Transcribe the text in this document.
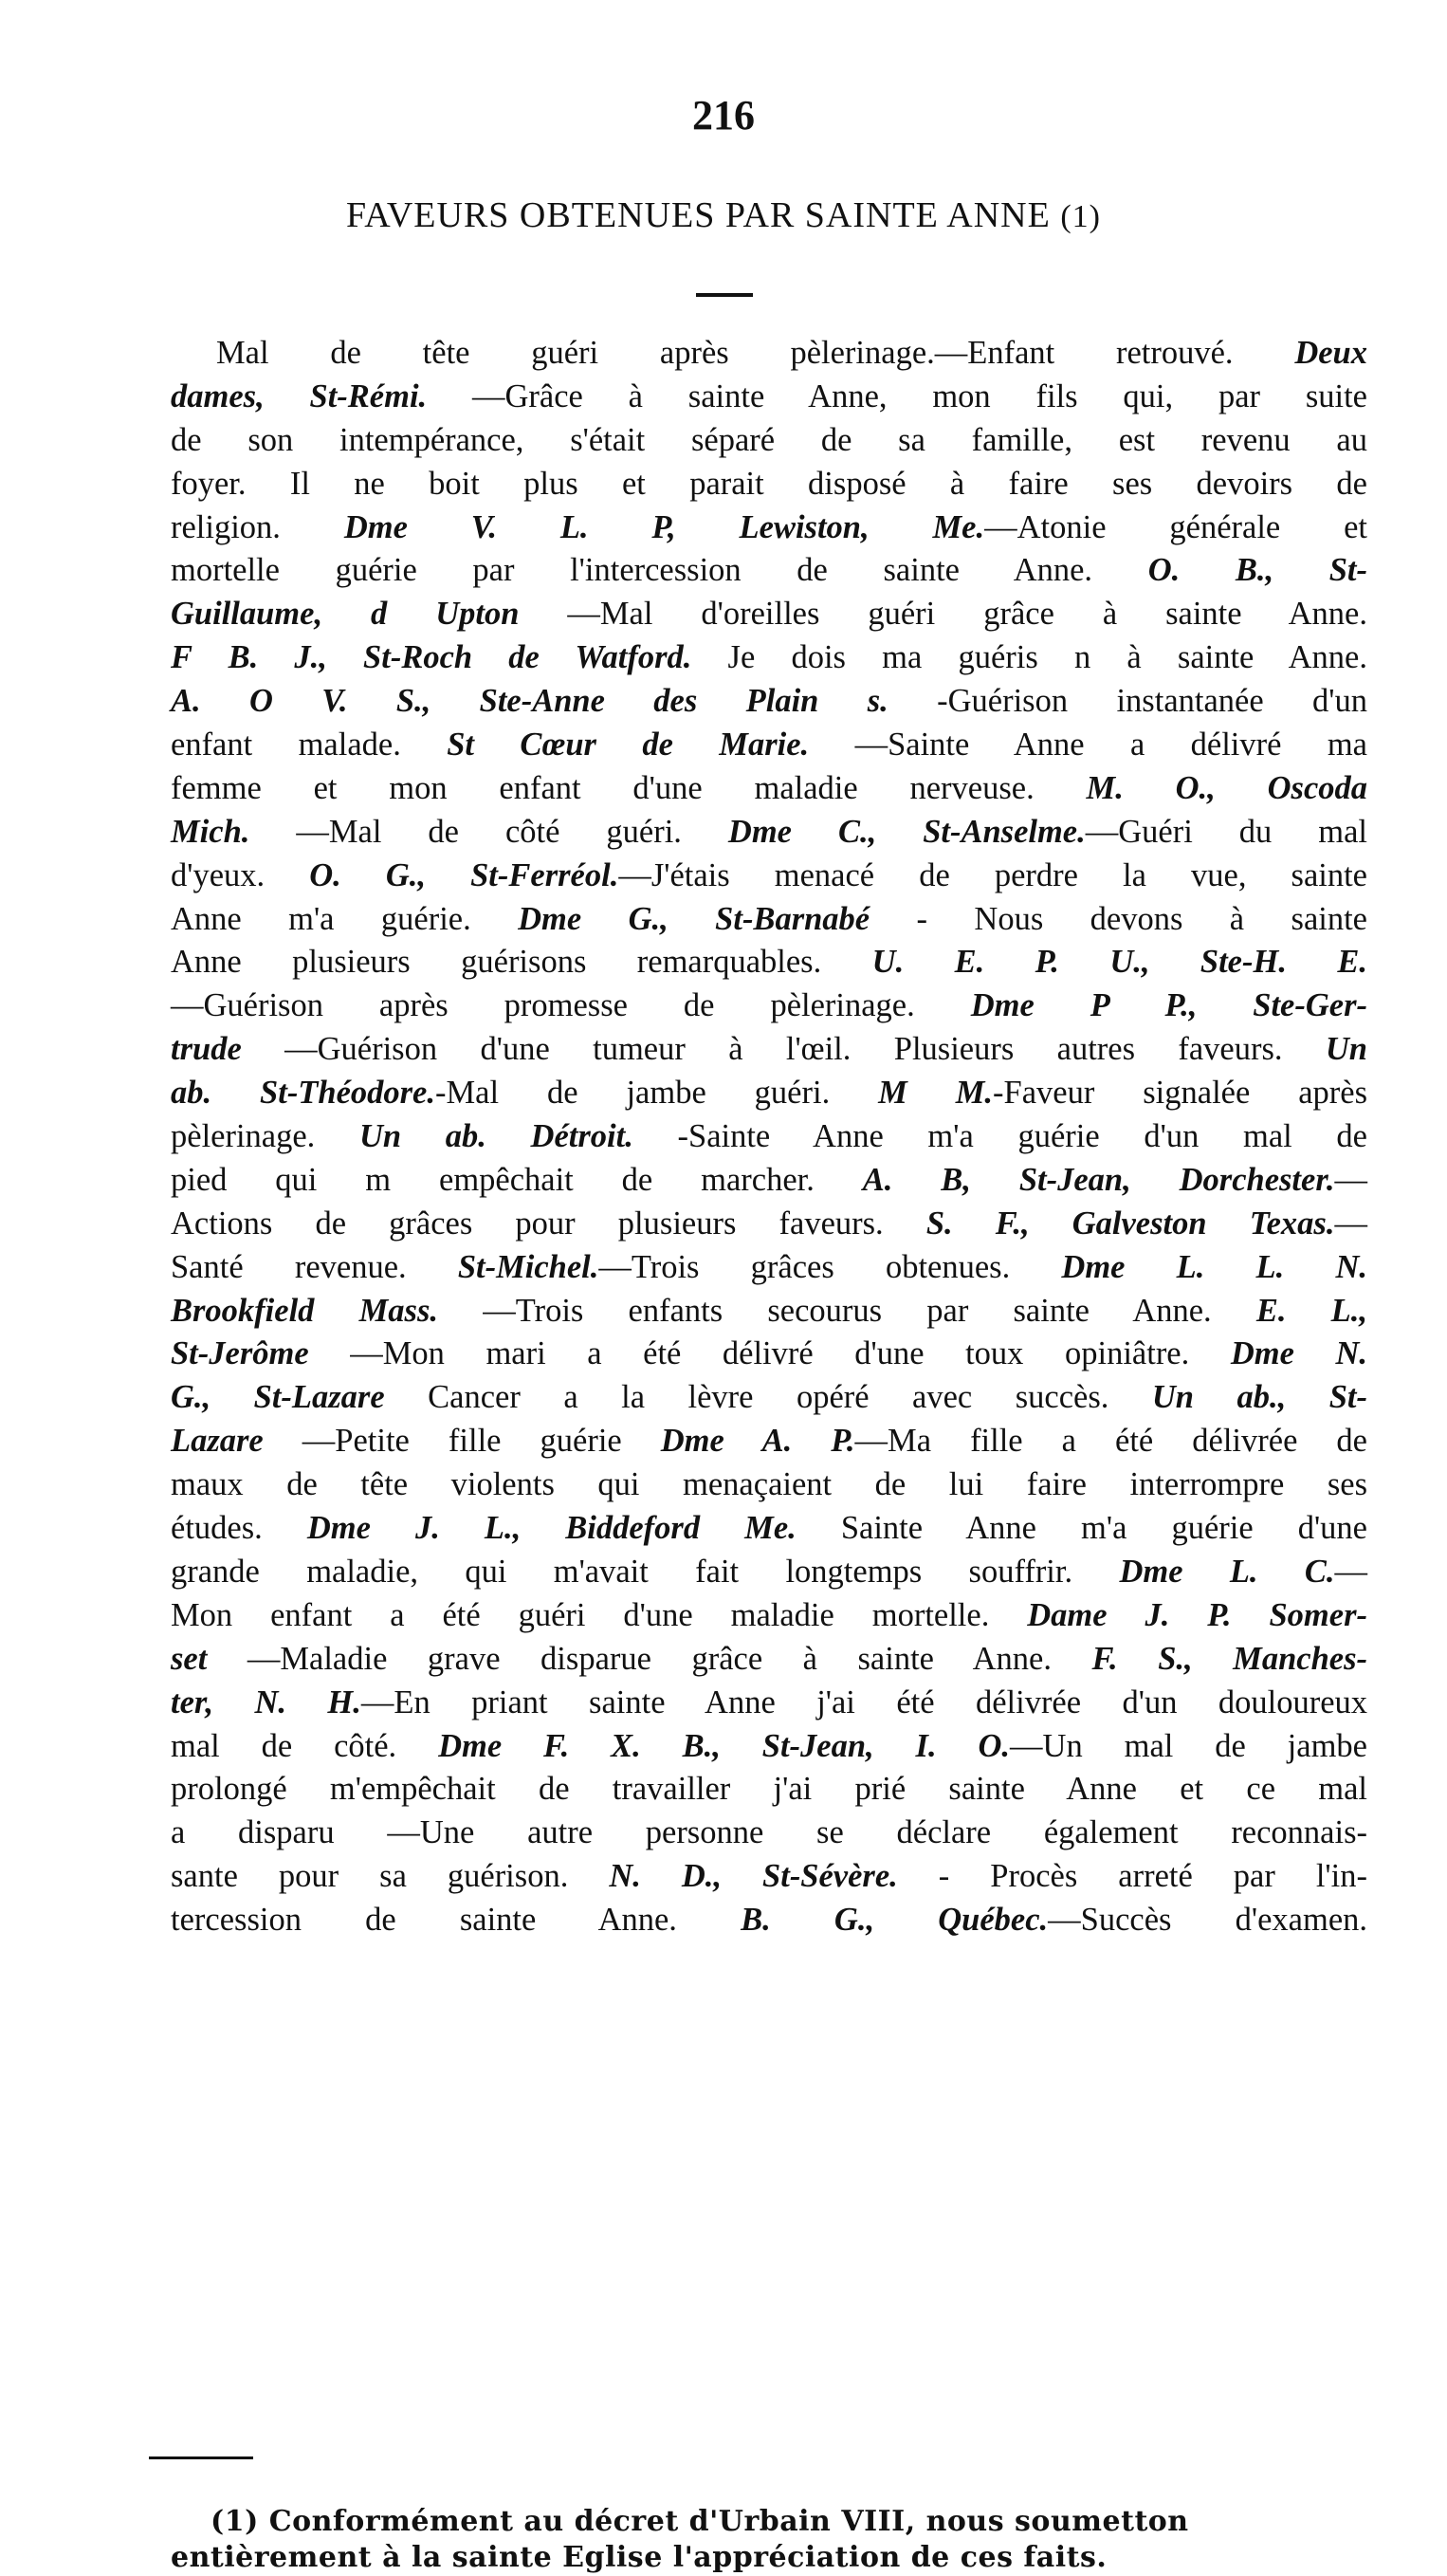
216
FAVEURS OBTENUES PAR SAINTE ANNE (1)
Mal de tête guéri après pèlerinage.—Enfant retrouvé. Deux
dames, St-Rémi. —Grâce à sainte Anne, mon fils qui, par suite
de son intempérance, s'était séparé de sa famille, est revenu au
foyer. Il ne boit plus et parait disposé à faire ses devoirs de
religion. Dme V. L. P, Lewiston, Me.—Atonie générale et
mortelle guérie par l'intercession de sainte Anne. O. B., St-
Guillaume, d Upton —Mal d'oreilles guéri grâce à sainte Anne.
F B. J., St-Roch de Watford. Je dois ma guéris n à sainte Anne.
A. O V. S., Ste-Anne des Plain s. -Guérison instantanée d'un
enfant malade. St Cœur de Marie. —Sainte Anne a délivré ma
femme et mon enfant d'une maladie nerveuse. M. O., Oscoda
Mich. —Mal de côté guéri. Dme C., St-Anselme.—Guéri du mal
d'yeux. O. G., St-Ferréol.—J'étais menacé de perdre la vue, sainte
Anne m'a guérie. Dme G., St-Barnabé - Nous devons à sainte
Anne plusieurs guérisons remarquables. U. E. P. U., Ste-H. E.
—Guérison après promesse de pèlerinage. Dme P P., Ste-Ger-
trude —Guérison d'une tumeur à l'œil. Plusieurs autres faveurs. Un
ab. St-Théodore.-Mal de jambe guéri. M M.-Faveur signalée après
pèlerinage. Un ab. Détroit. -Sainte Anne m'a guérie d'un mal de
pied qui m empêchait de marcher. A. B, St-Jean, Dorchester.—
Actions de grâces pour plusieurs faveurs. S. F., Galveston Texas.—
Santé revenue. St-Michel.—Trois grâces obtenues. Dme L. L. N.
Brookfield Mass. —Trois enfants secourus par sainte Anne. E. L.,
St-Jerôme —Mon mari a été délivré d'une toux opiniâtre. Dme N.
G., St-Lazare Cancer a la lèvre opéré avec succès. Un ab., St-
Lazare —Petite fille guérie Dme A. P.—Ma fille a été délivrée de
maux de tête violents qui menaçaient de lui faire interrompre ses
études. Dme J. L., Biddeford Me. Sainte Anne m'a guérie d'une
grande maladie, qui m'avait fait longtemps souffrir. Dme L. C.—
Mon enfant a été guéri d'une maladie mortelle. Dame J. P. Somer-
set —Maladie grave disparue grâce à sainte Anne. F. S., Manches-
ter, N. H.—En priant sainte Anne j'ai été délivrée d'un douloureux
mal de côté. Dme F. X. B., St-Jean, I. O.—Un mal de jambe
prolongé m'empêchait de travailler j'ai prié sainte Anne et ce mal
a disparu —Une autre personne se déclare également reconnais-
sante pour sa guérison. N. D., St-Sévère. - Procès arreté par l'in-
tercession de sainte Anne. B. G., Québec.—Succès d'examen.
(1) Conformément au décret d'Urbain VIII, nous soumetton
entièrement à la sainte Eglise l'appréciation de ces faits.
